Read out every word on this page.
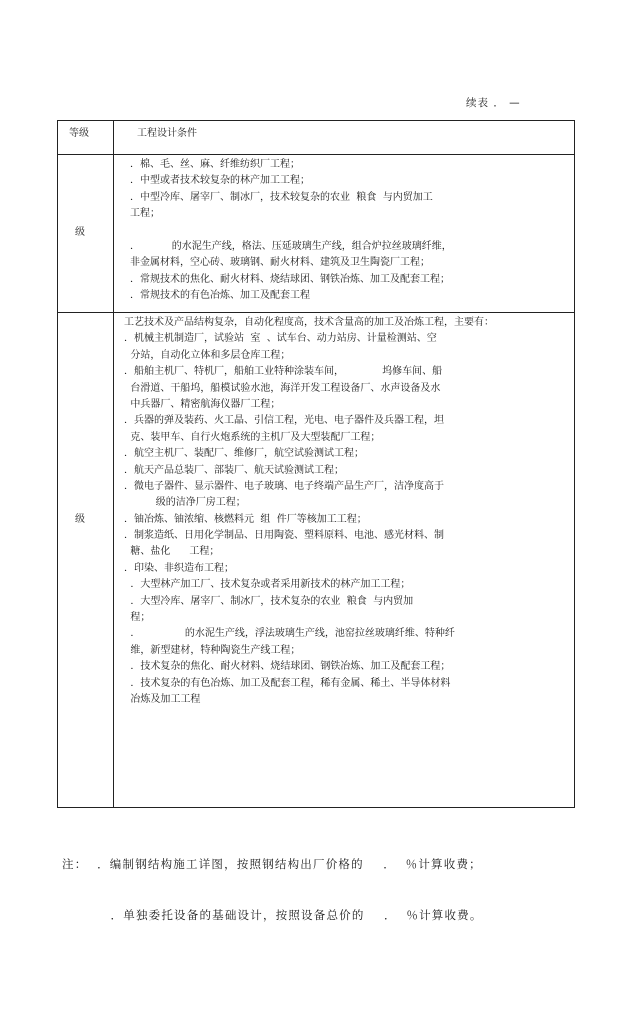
续表 ． —
等级	工程设计条件
级
．棉、毛、丝、麻、纤维纺织厂工程；
．中型或者技术较复杂的林产加工工程；
．中型冷库、屠宰厂、制冰厂，技术较复杂的农业  粮食  与内贸加工
工程；
．          的水泥生产线，格法、压延玻璃生产线，组合炉拉丝玻璃纤维，
非金属材料，空心砖、玻璃钢、耐火材料、建筑及卫生陶瓷厂工程；
．常规技术的焦化、耐火材料、烧结球团、钢铁冶炼、加工及配套工程；
．常规技术的有色冶炼、加工及配套工程
级
工艺技术及产品结构复杂，自动化程度高，技术含量高的加工及冶炼工程，主要有：
．机械主机制造厂，试验站  室  、试车台、动力站房、计量检测站、空
分站，自动化立体和多层仓库工程；
．船舶主机厂、特机厂，船舶工业特种涂装车间，            坞修车间、船
台滑道、干船坞，船模试验水池，海洋开发工程设备厂、水声设备及水
中兵器厂、精密航海仪器厂工程；
．兵器的弹及装药、火工晶、引信工程，光电、电子器件及兵器工程，坦
克、装甲车、自行火炮系统的主机厂及大型装配厂工程；
．航空主机厂、装配厂、维修厂，航空试验测试工程；
．航天产品总装厂、部装厂、航天试验测试工程；
．微电子器件、显示器件、电子玻璃、电子终端产品生产厂，洁净度高于
级的洁净厂房工程；
．铀冶炼、铀浓缩、核燃料元  组  件厂等核加工工程；
．制浆造纸、日用化学制品、日用陶瓷、塑料原料、电池、感光材料、制
糖、盐化      工程；
．印染、非织造布工程；
．大型林产加工厂、技术复杂或者采用新技术的林产加工工程；
．大型冷库、屠宰厂、制冰厂，技术复杂的农业  粮食  与内贸加
程；
．              的水泥生产线，浮法玻璃生产线，池窑拉丝玻璃纤维、特种纤
维，新型建材，特种陶瓷生产线工程；
．技术复杂的焦化、耐火材料、烧结球团、钢铁冶炼、加工及配套工程；
．技术复杂的有色冶炼、加工及配套工程，稀有金属、稀土、半导体材料
冶炼及加工工程

注：  ．编制钢结构施工详图，按照钢结构出厂价格的    ．  ％计算收费；

．单独委托设备的基础设计，按照设备总价的    ．  ％计算收费。
